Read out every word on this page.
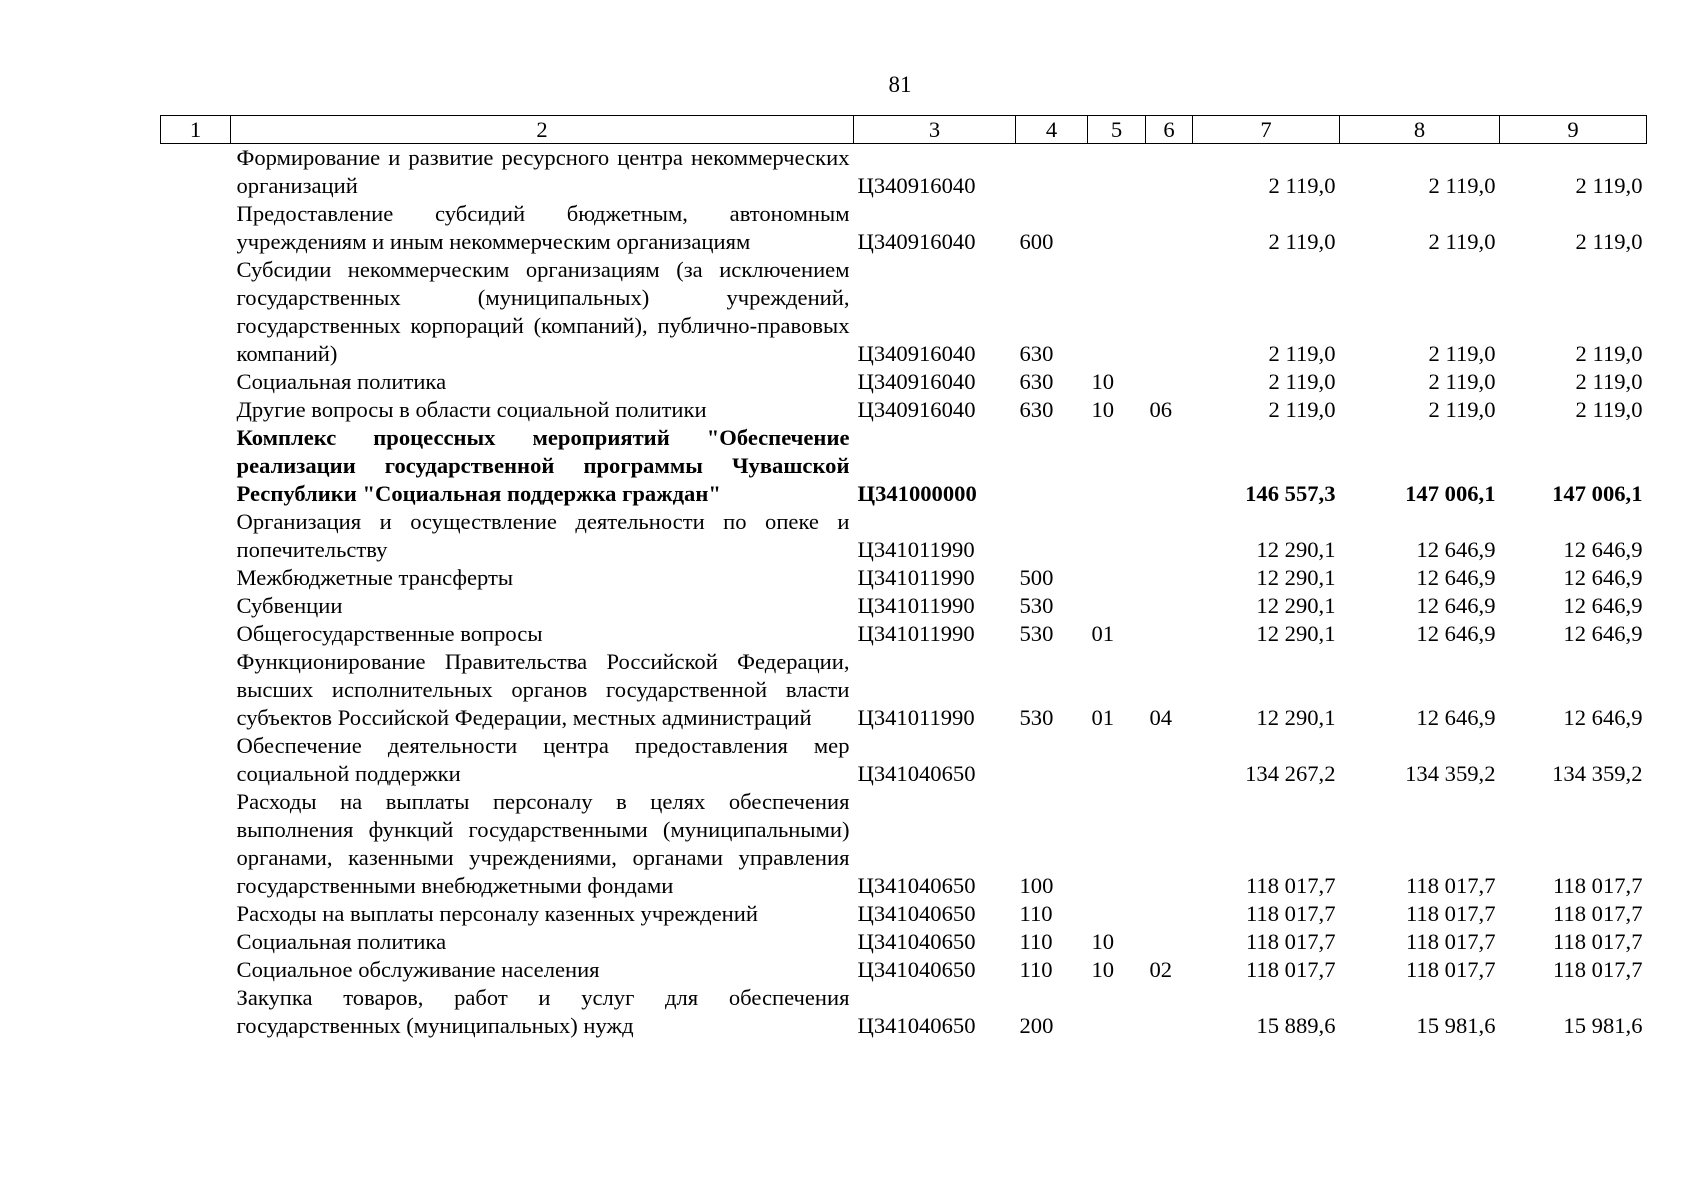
81
1	2	3	4	5	6	7	8	9
Формирование и развитие ресурсного центра некоммерческих организаций		Ц340916040				2 119,0	2 119,0	2 119,0
Предоставление субсидий бюджетным, автономным учреждениям и иным некоммерческим организациям		Ц340916040	600			2 119,0	2 119,0	2 119,0
Субсидии некоммерческим организациям (за исключением государственных (муниципальных) учреждений, государственных корпораций (компаний), публично-правовых компаний)		Ц340916040	630			2 119,0	2 119,0	2 119,0
Социальная политика		Ц340916040	630	10		2 119,0	2 119,0	2 119,0
Другие вопросы в области социальной политики		Ц340916040	630	10	06	2 119,0	2 119,0	2 119,0
Комплекс процессных мероприятий "Обеспечение реализации государственной программы Чувашской Республики "Социальная поддержка граждан"		Ц341000000				146 557,3	147 006,1	147 006,1
Организация и осуществление деятельности по опеке и попечительству		Ц341011990				12 290,1	12 646,9	12 646,9
Межбюджетные трансферты		Ц341011990	500			12 290,1	12 646,9	12 646,9
Субвенции		Ц341011990	530			12 290,1	12 646,9	12 646,9
Общегосударственные вопросы		Ц341011990	530	01		12 290,1	12 646,9	12 646,9
Функционирование Правительства Российской Федерации, высших исполнительных органов государственной власти субъектов Российской Федерации, местных администраций		Ц341011990	530	01	04	12 290,1	12 646,9	12 646,9
Обеспечение деятельности центра предоставления мер социальной поддержки		Ц341040650				134 267,2	134 359,2	134 359,2
Расходы на выплаты персоналу в целях обеспечения выполнения функций государственными (муниципальными) органами, казенными учреждениями, органами управления государственными внебюджетными фондами		Ц341040650	100			118 017,7	118 017,7	118 017,7
Расходы на выплаты персоналу казенных учреждений		Ц341040650	110			118 017,7	118 017,7	118 017,7
Социальная политика		Ц341040650	110	10		118 017,7	118 017,7	118 017,7
Социальное обслуживание населения		Ц341040650	110	10	02	118 017,7	118 017,7	118 017,7
Закупка товаров, работ и услуг для обеспечения государственных (муниципальных) нужд		Ц341040650	200			15 889,6	15 981,6	15 981,6
